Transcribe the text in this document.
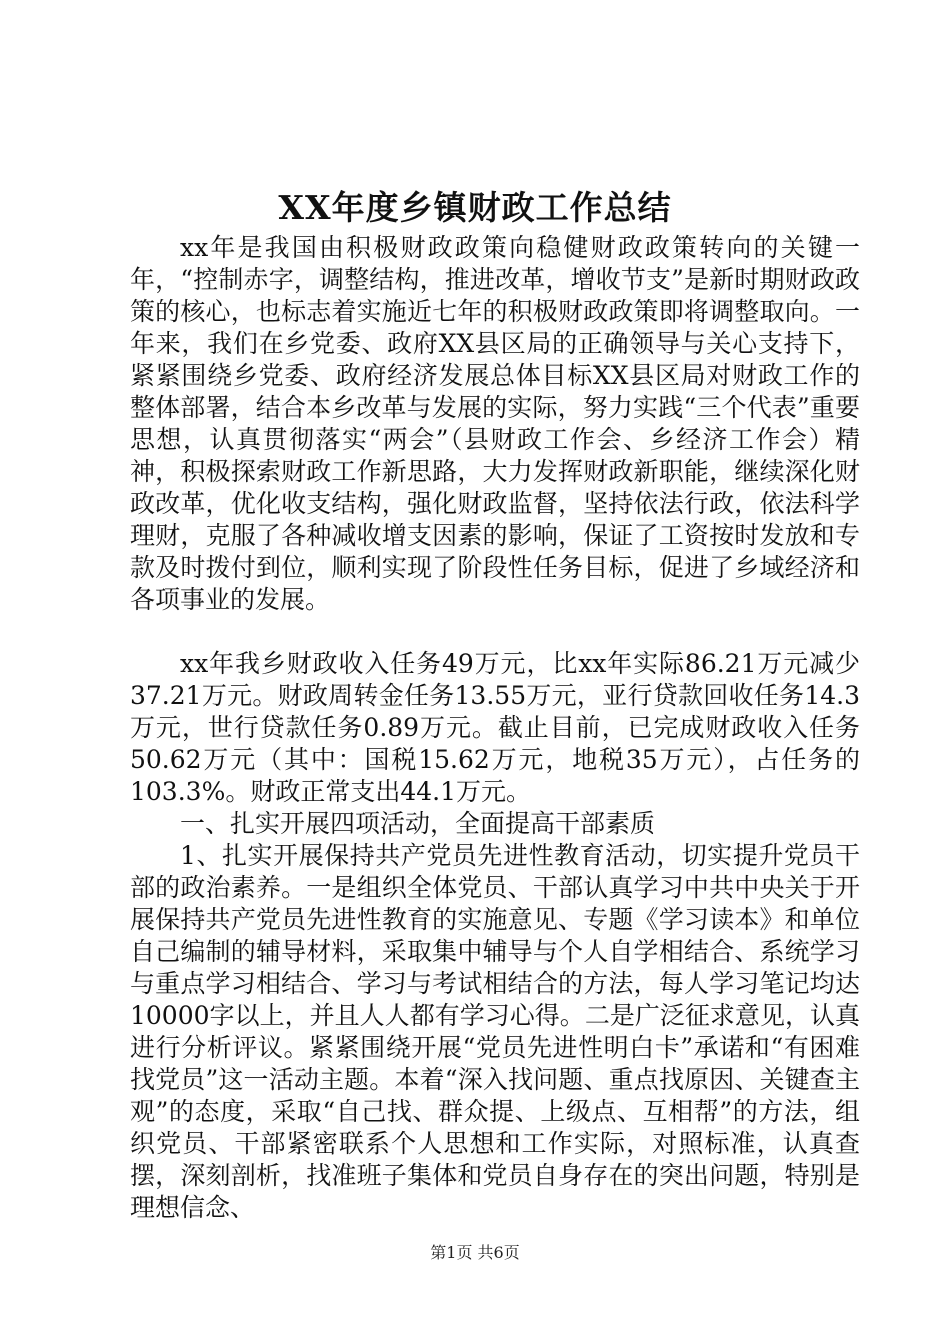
XX年度乡镇财政工作总结

xx年是我国由积极财政政策向稳健财政政策转向的关键一年，“控制赤字，调整结构，推进改革，增收节支”是新时期财政政策的核心，也标志着实施近七年的积极财政政策即将调整取向。一年来，我们在乡党委、政府XX县区局的正确领导与关心支持下，紧紧围绕乡党委、政府经济发展总体目标XX县区局对财政工作的整体部署，结合本乡改革与发展的实际，努力实践“三个代表”重要思想，认真贯彻落实“两会”（县财政工作会、乡经济工作会）精神，积极探索财政工作新思路，大力发挥财政新职能，继续深化财政改革，优化收支结构，强化财政监督，坚持依法行政，依法科学理财，克服了各种减收增支因素的影响，保证了工资按时发放和专款及时拨付到位，顺利实现了阶段性任务目标，促进了乡域经济和各项事业的发展。

xx年我乡财政收入任务49万元，比xx年实际86.21万元减少37.21万元。财政周转金任务13.55万元，亚行贷款回收任务14.3万元，世行贷款任务0.89万元。截止目前，已完成财政收入任务50.62万元（其中：国税15.62万元，地税35万元），占任务的103.3%。财政正常支出44.1万元。

一、扎实开展四项活动，全面提高干部素质

1、扎实开展保持共产党员先进性教育活动，切实提升党员干部的政治素养。一是组织全体党员、干部认真学习中共中央关于开展保持共产党员先进性教育的实施意见、专题《学习读本》和单位自己编制的辅导材料，采取集中辅导与个人自学相结合、系统学习与重点学习相结合、学习与考试相结合的方法，每人学习笔记均达10000字以上，并且人人都有学习心得。二是广泛征求意见，认真进行分析评议。紧紧围绕开展“党员先进性明白卡”承诺和“有困难找党员”这一活动主题。本着“深入找问题、重点找原因、关键查主观”的态度，采取“自己找、群众提、上级点、互相帮”的方法，组织党员、干部紧密联系个人思想和工作实际，对照标准，认真查摆，深刻剖析，找准班子集体和党员自身存在的突出问题，特别是理想信念、

第1页 共6页
